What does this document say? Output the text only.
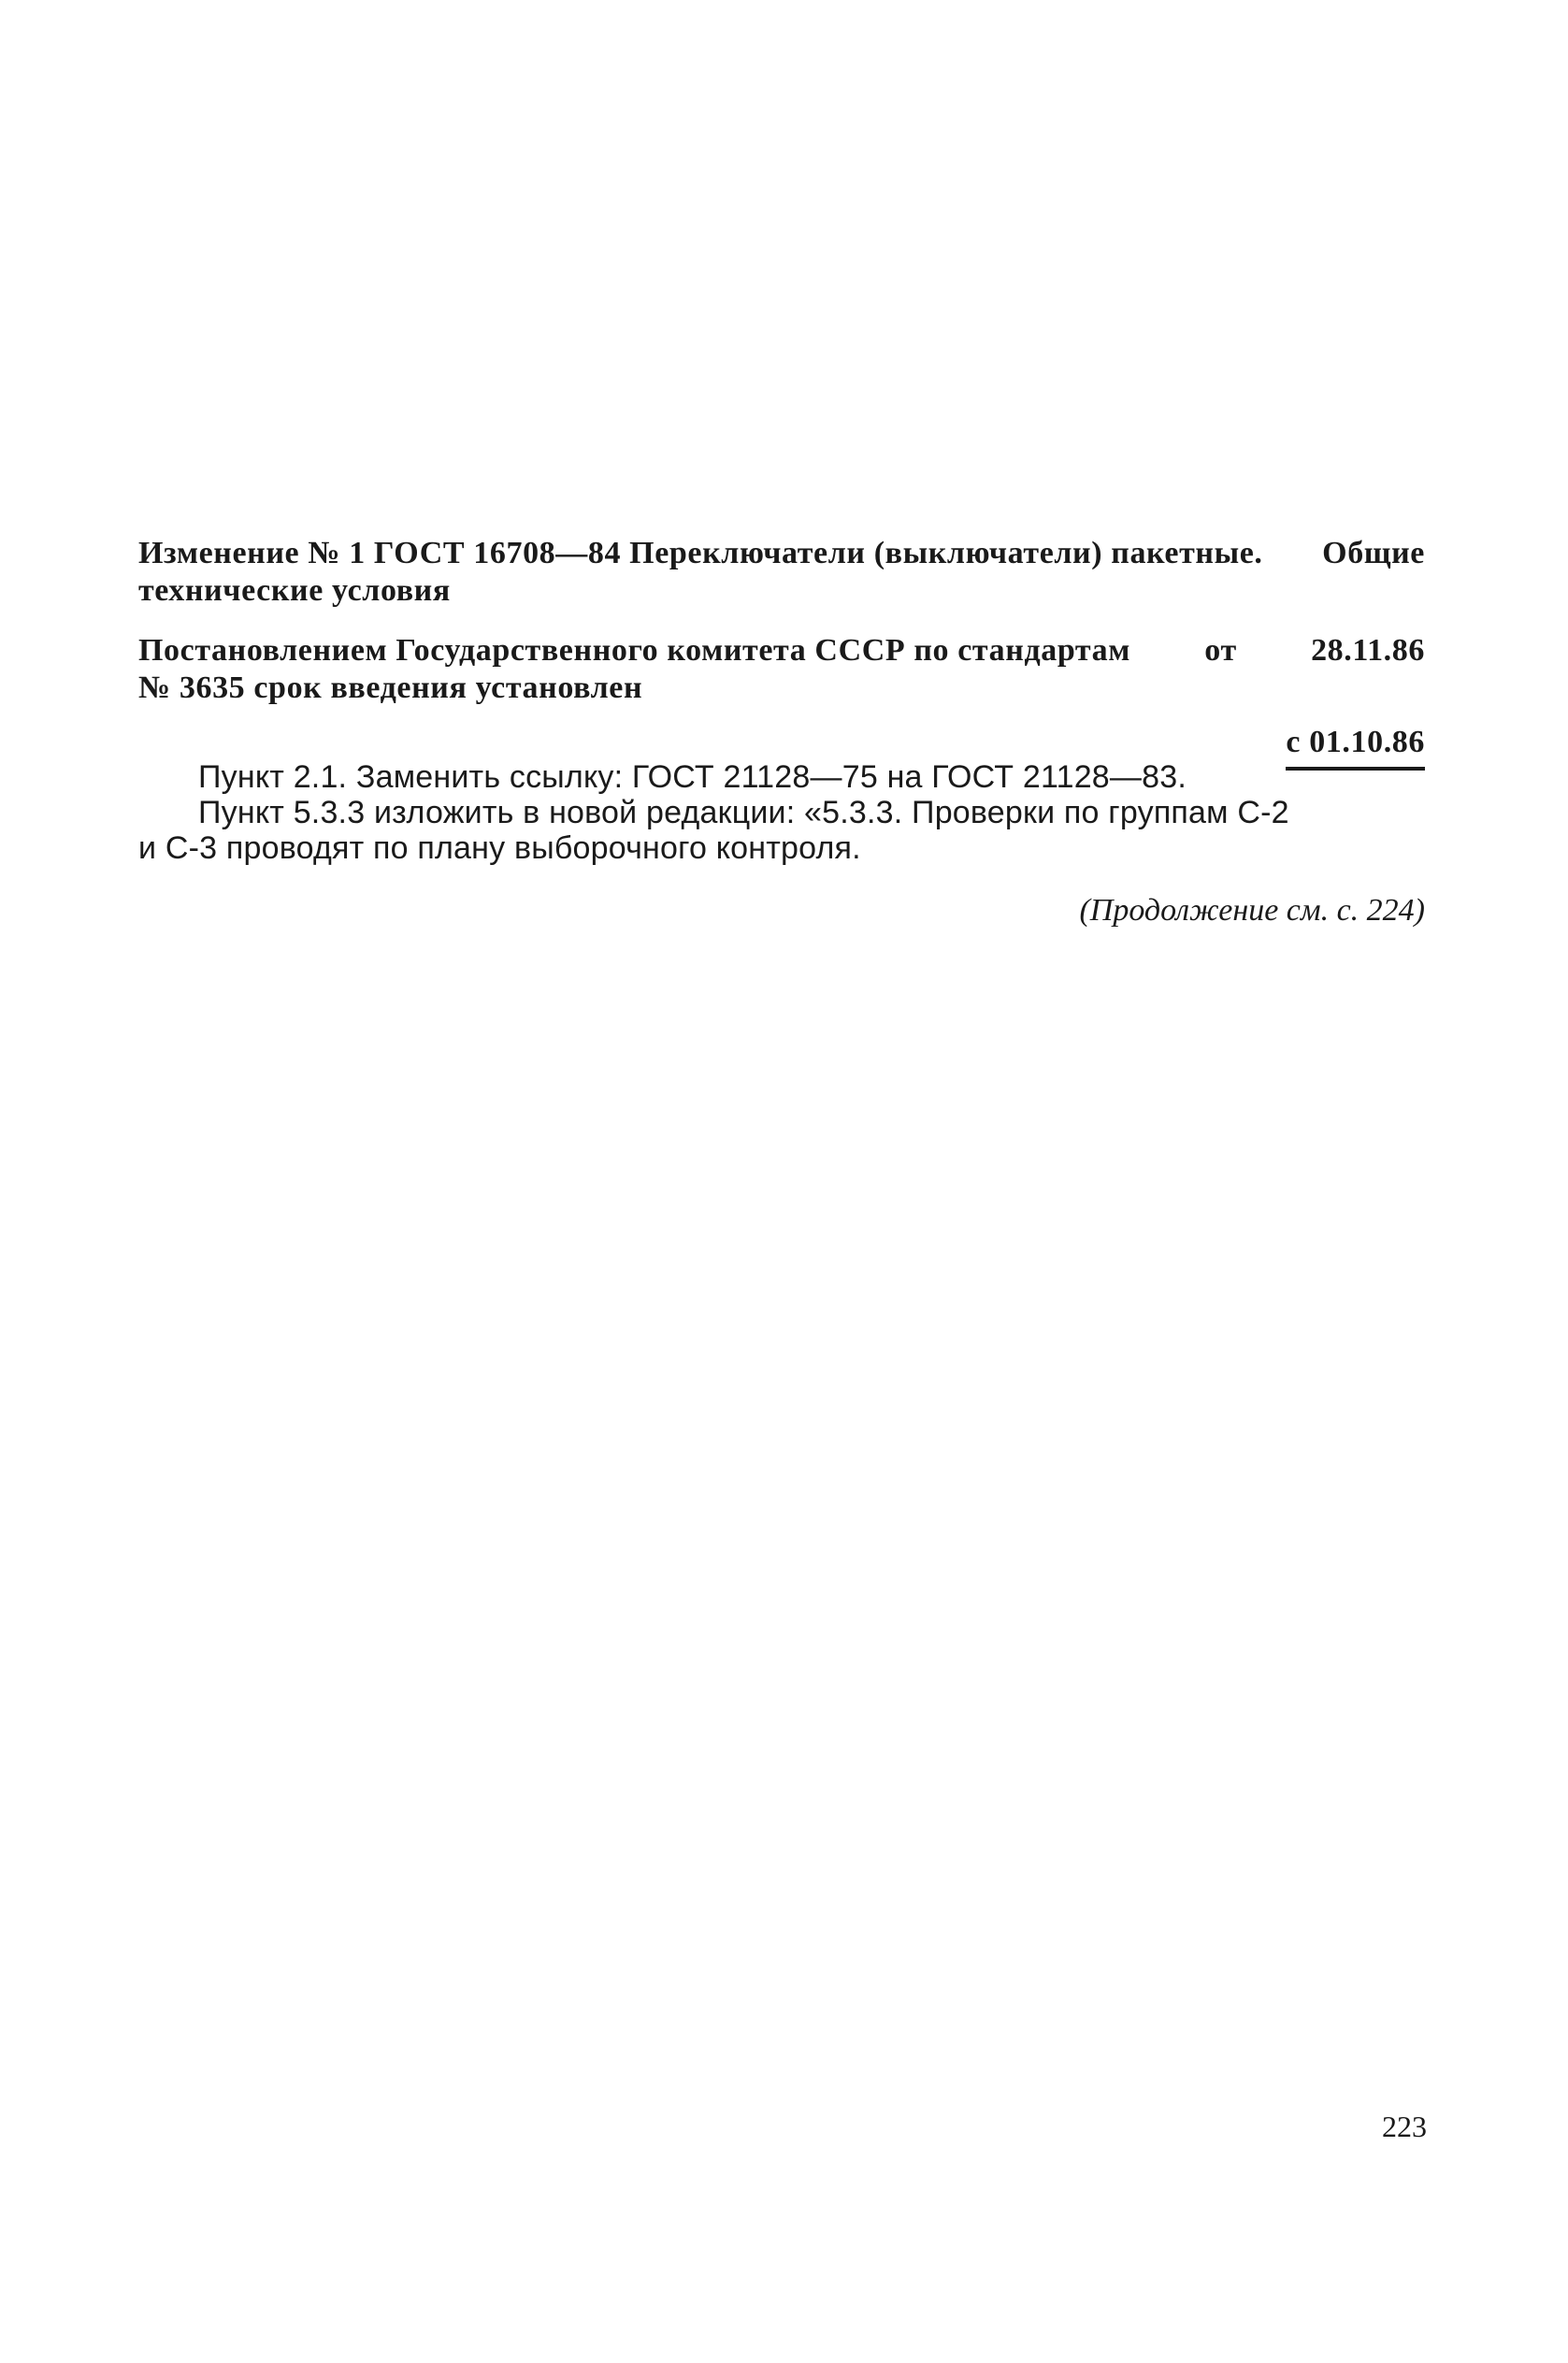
Изменение № 1 ГОСТ 16708—84 Переключатели (выключатели) пакетные. Общие

технические условия

Постановлением Государственного комитета СССР по стандартам от 28.11.86

№ 3635 срок введения установлен

с 01.10.86

Пункт 2.1. Заменить ссылку: ГОСТ 21128—75 на ГОСТ 21128—83.

Пункт 5.3.3 изложить в новой редакции: «5.3.3. Проверки по группам С-2

и С-3 проводят по плану выборочного контроля.

(Продолжение см. с. 224)
223
